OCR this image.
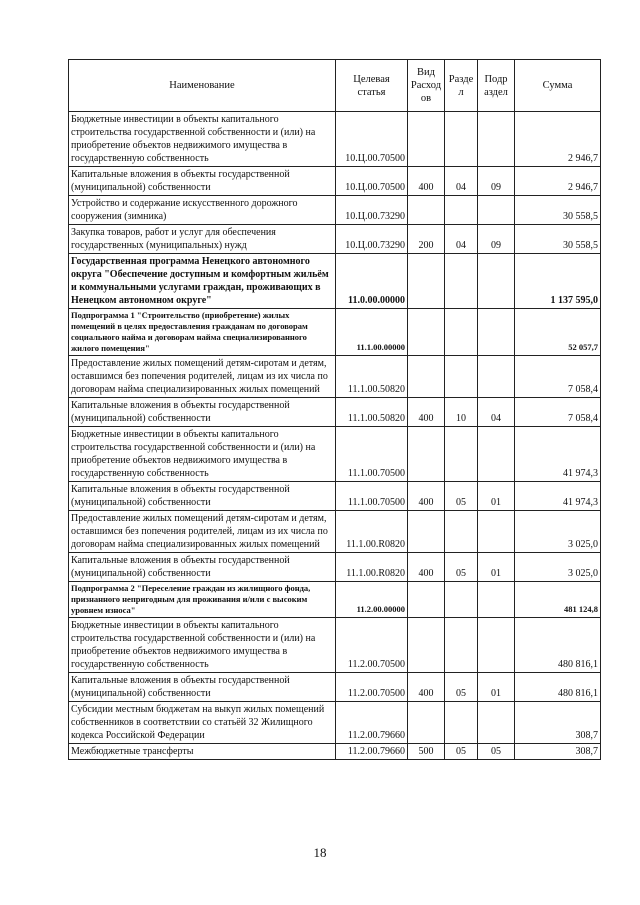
Наименование	Целевая статья	Вид Расход ов	Разде л	Подр аздел	Сумма
Бюджетные инвестиции в объекты капитального строительства государственной собственности и (или) на приобретение объектов недвижимого имущества в государственную собственность	10.Ц.00.70500				2 946,7
Капитальные вложения в объекты государственной (муниципальной) собственности	10.Ц.00.70500	400	04	09	2 946,7
Устройство и содержание искусственного дорожного сооружения (зимника)	10.Ц.00.73290				30 558,5
Закупка товаров, работ и услуг для обеспечения государственных (муниципальных) нужд	10.Ц.00.73290	200	04	09	30 558,5
Государственная программа Ненецкого автономного округа "Обеспечение доступным и комфортным жильём и коммунальными услугами граждан, проживающих в Ненецком автономном округе"	11.0.00.00000				1 137 595,0
Подпрограмма 1 "Строительство (приобретение) жилых помещений в целях предоставления гражданам по договорам социального найма и договорам найма специализированного жилого помещения"	11.1.00.00000				52 057,7
Предоставление жилых помещений детям-сиротам и детям, оставшимся без попечения родителей, лицам из их числа по договорам найма специализированных жилых помещений	11.1.00.50820				7 058,4
Капитальные вложения в объекты государственной (муниципальной) собственности	11.1.00.50820	400	10	04	7 058,4
Бюджетные инвестиции в объекты капитального строительства государственной собственности и (или) на приобретение объектов недвижимого имущества в государственную собственность	11.1.00.70500				41 974,3
Капитальные вложения в объекты государственной (муниципальной) собственности	11.1.00.70500	400	05	01	41 974,3
Предоставление жилых помещений детям-сиротам и детям, оставшимся без попечения родителей, лицам из их числа по договорам найма специализированных жилых помещений	11.1.00.R0820				3 025,0
Капитальные вложения в объекты государственной (муниципальной) собственности	11.1.00.R0820	400	05	01	3 025,0
Подпрограмма 2 "Переселение граждан из жилищного фонда, признанного непригодным для проживания и/или с высоким уровнем износа"	11.2.00.00000				481 124,8
Бюджетные инвестиции в объекты капитального строительства государственной собственности и (или) на приобретение объектов недвижимого имущества в государственную собственность	11.2.00.70500				480 816,1
Капитальные вложения в объекты государственной (муниципальной) собственности	11.2.00.70500	400	05	01	480 816,1
Субсидии местным бюджетам на выкуп жилых помещений собственников в соответствии со статьёй 32 Жилищного кодекса Российской Федерации	11.2.00.79660				308,7
Межбюджетные трансферты	11.2.00.79660	500	05	05	308,7
18
